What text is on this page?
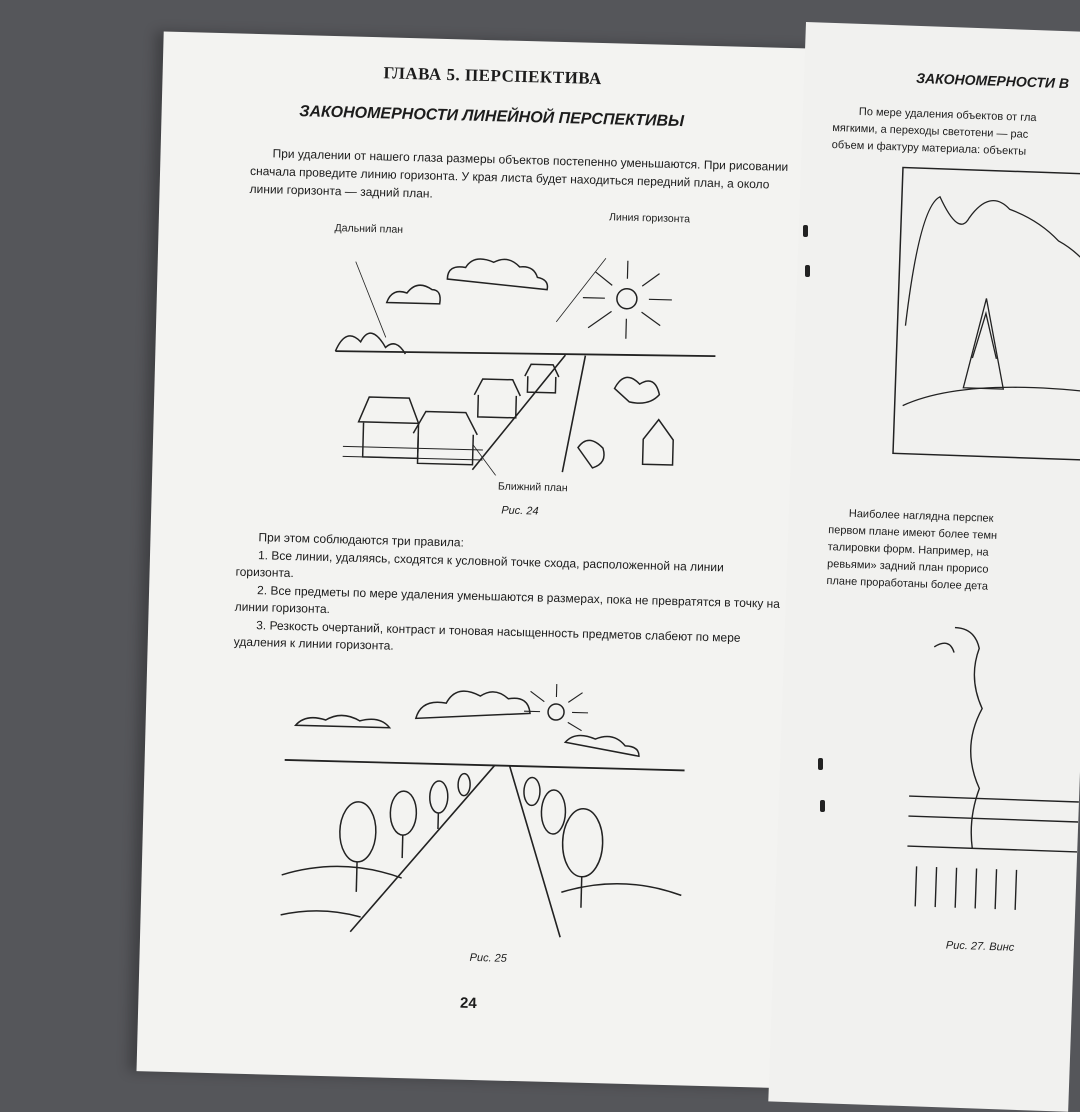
ГЛАВА 5. ПЕРСПЕКТИВА
ЗАКОНОМЕРНОСТИ ЛИНЕЙНОЙ ПЕРСПЕКТИВЫ
При удалении от нашего глаза размеры объектов постепенно уменьшаются. При рисовании сначала проведите линию горизонта. У края листа будет находиться передний план, а около линии горизонта — задний план.
Дальний план
Линия горизонта
Ближний план
Рис. 24

При этом соблюдаются три правила:

1. Все линии, удаляясь, сходятся к условной точке схода, расположенной на линии горизонта.

2. Все предметы по мере удаления уменьшаются в размерах, пока не превратятся в точку на линии горизонта.

3. Резкость очертаний, контраст и тоновая насыщенность предметов слабеют по мере удаления к линии горизонта.

Рис. 25
24
ЗАКОНОМЕРНОСТИ В
По мере удаления объектов от гла
мягкими, а переходы светотени — рас
объем и фактуру материала: объекты
Наиболее наглядна перспек
первом плане имеют более темн
талировки форм. Например, на
ревьями» задний план прорисо
плане проработаны более дета
Рис. 27. Винс
